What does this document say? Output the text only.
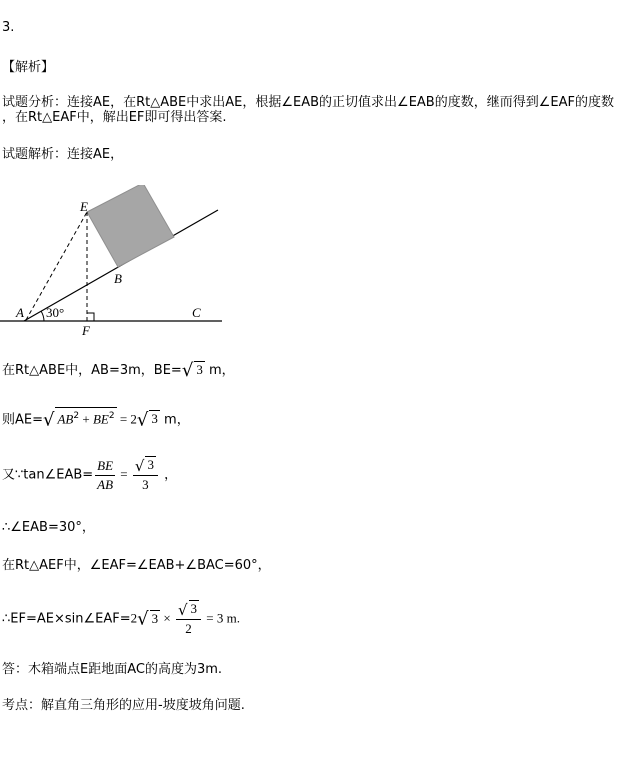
3.
【解析】
试题分析：连接AE，在Rt△ABE中求出AE，根据∠EAB的正切值求出∠EAB的度数，继而得到∠EAF的度数
，在Rt△EAF中，解出EF即可得出答案.
试题解析：连接AE，
E
B
A	C
F
30°
在Rt△ABE中，AB=3m，BE=√ 3 m，
则AE=√ $AB^2 + BE^2 = 2√$ 3 m，
又∵tan∠EAB= $\frac{BE}{AB} = \frac{√ 3}{3}$ ，
∴∠EAB=30°，
在Rt△AEF中，∠EAF=∠EAB+∠BAC=60°，
∴EF=AE×sin∠EAF=2√ $3 \times \frac{√ 3}{2} = 3$ m.
答：木箱端点E距地面AC的高度为3m.
考点：解直角三角形的应用-坡度坡角问题.
